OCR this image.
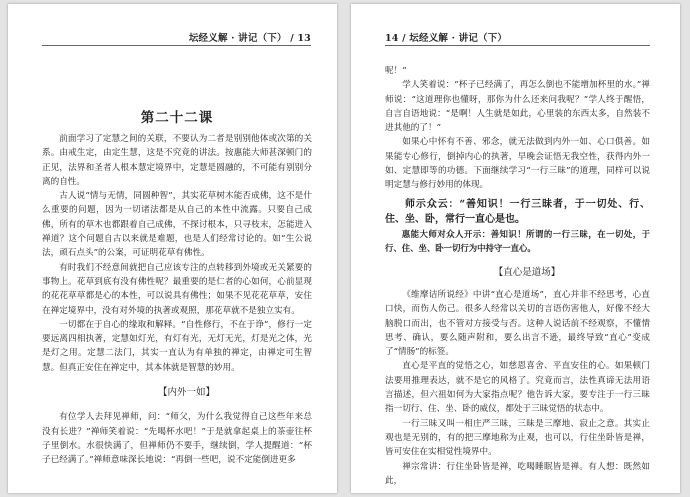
坛经义解 · 讲记（下） / 13
第二十二课

前面学习了定慧之间的关联，不要认为二者是别别他体或次第的关系。由戒生定，由定生慧，这是不究竟的讲法。按惠能大师甚深顿门的正见，法界和圣者人根本慧定境界中，定慧是圆融的，不可能有别别分离的自性。

古人说“情与无情，同圆种智”，其实花草树木能否成佛，这不是什么重要的问题，因为一切诸法都是从自己的本性中流露。只要自己成佛，所有的草木也都跟着自己成佛，不探讨根本，只寻枝末，怎能进入禅道？这个问题自古以来就是难题，也是人们经常讨论的。如“生公说法，顽石点头”的公案，可证明花草有佛性。

有时我们不经意间就把自己应该专注的点转移到外境或无关紧要的事物上。花草到底有没有佛性呢？最重要的是仁者的心如何，心前显现的花花草草都是心的本性，可以说具有佛性；如果不见花花草草，安住在禅定境界中，没有对外境的执著或观照，那花草就不是独立实有。

一切都在于自心的缘取和解释。“自性修行，不在于诤”，修行一定要远离四相执著，定慧如灯光，有灯有光，无灯无光，灯是光之体，光是灯之用。定慧二法门，其实一直认为有单独的禅定，由禅定可生智慧。但真正安住在禅定中，其本体就是智慧的妙用。

【内外一如】

有位学人去拜见禅师，问：“师父，为什么我觉得自己这些年来总没有长进？”禅师笑着说：“先喝杯水吧！”于是就拿起桌上的茶壶往杯子里倒水。水很快满了，但禅师仍不要手，继续倒，学人提醒道：“杯子已经满了。”禅师意味深长地说：“再倒一些吧，说不定能倒进更多

14 / 坛经义解 · 讲记（下）

呢！”

学人笑着说：“杯子已经满了，再怎么倒也不能增加杯里的水。”禅师说：“这道理你也懂呀，那你为什么还来问我呢？”学人终于醒悟，自言自语地说：“是啊！人生就是如此，心里装的东西太多，自然装不进其他的了！”

如果心中怀有不善、邪念，就无法做到内外一如、心口俱善。如果能专心修行，倒掉内心的执著，早晚会证悟无我空性，获得内外一如、定慧即等的功德。下面继续学习“一行三昧”的道理，同样可以说明定慧与修行妙用的体现。

师示众云：“善知识！一行三昧者，于一切处、行、住、坐、卧，常行一直心是也。

惠能大师对众人开示：善知识！所谓的一行三昧，在一切处，于行、住、坐、卧一切行为中持守一直心。

【直心是道场】

《维摩诘所说经》中讲“直心是道场”，直心并非不经思考，心直口快，而伤人伤己。很多人经常以关切的言语伤害他人，好像不经大脑脱口而出，也不管对方接受与否。这种人说话前不经观察，不懂情思考、确认，要么随声附和，要么出言不逊，最终导致“直心”变成了“情肠”的标签。

直心是平直的觉悟之心，如慈恩喜舍、平直安住的心。如果顿门法要用推理表达，就不是它的风格了。究竟而言，法性真谛无法用语言描述，但六祖如何为大家指点呢？他告诉大家，要专注于一行三昧指一切行、住、坐、卧的威仪，都处于三昧觉悟的状态中。

一行三昧又叫一相庄严三昧，三昧是三摩地、寂止之意。其实止观也是无别的，有的把三摩地称为止观，也可以，行住坐卧皆是禅，皆可安住在实相觉性境界中。

禅宗常讲：行住坐卧皆是禅，吃喝睡眠皆是禅。有人想：既然如此，
